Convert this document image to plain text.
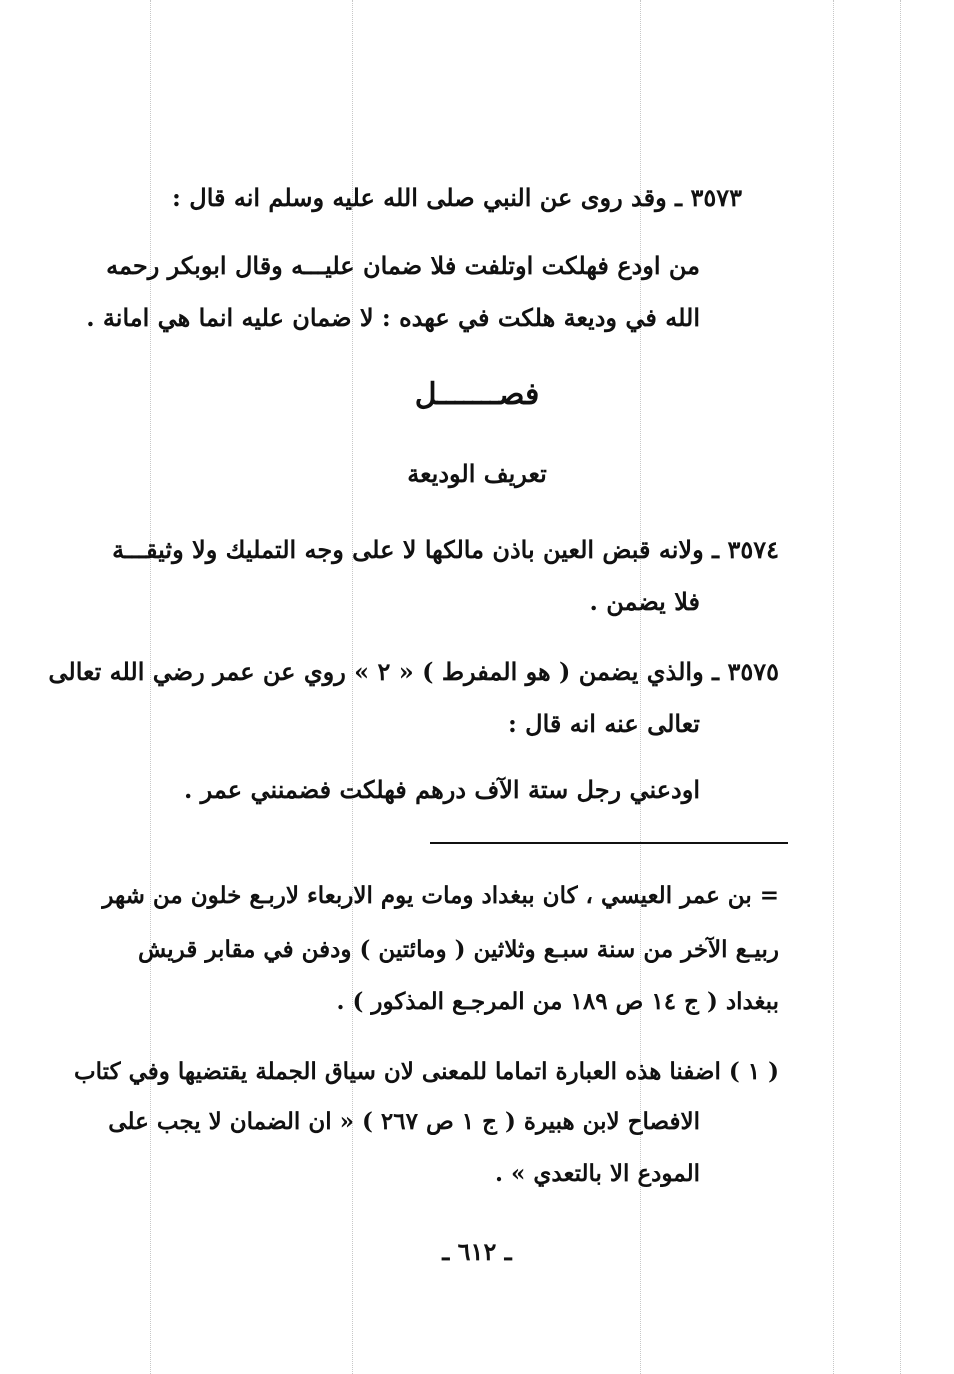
٣٥٧٣ ـ وقد روى عن النبي صلى الله عليه وسلم انه قال :
من اودع فهلكت اوتلفت فلا ضمان عليـــه وقال ابوبكر رحمه
الله في وديعة هلكت في عهده : لا ضمان عليه انما هي امانة .
فصـــــــل
تعريف الوديعة
٣٥٧٤ ـ ولانه قبض العين باذن مالكها لا على وجه التمليك ولا وثيقـــة
فلا يضمن .
٣٥٧٥ ـ والذي يضمن ( هو المفرط ) « ٢ » روي عن عمر رضي الله تعالى
تعالى عنه انه قال :
اودعني رجل ستة الآف درهم فهلكت فضمنني عمر .
= بن عمر العيسي ، كان ببغداد ومات يوم الاربعاء لاربـع خلون من شهر
ربيـع الآخر من سنة سبـع وثلاثين ( ومائتين ) ودفن في مقابر قريش
ببغداد ( ج ١٤ ص ١٨٩ من المرجـع المذكور ) .
( ١ ) اضفنا هذه العبارة اتماما للمعنى لان سياق الجملة يقتضيها وفي كتاب
الافصاح لابن هبيرة ( ج ١ ص ٢٦٧ ) « ان الضمان لا يجب على
المودع الا بالتعدي » .
ـ ٦١٢ ـ
